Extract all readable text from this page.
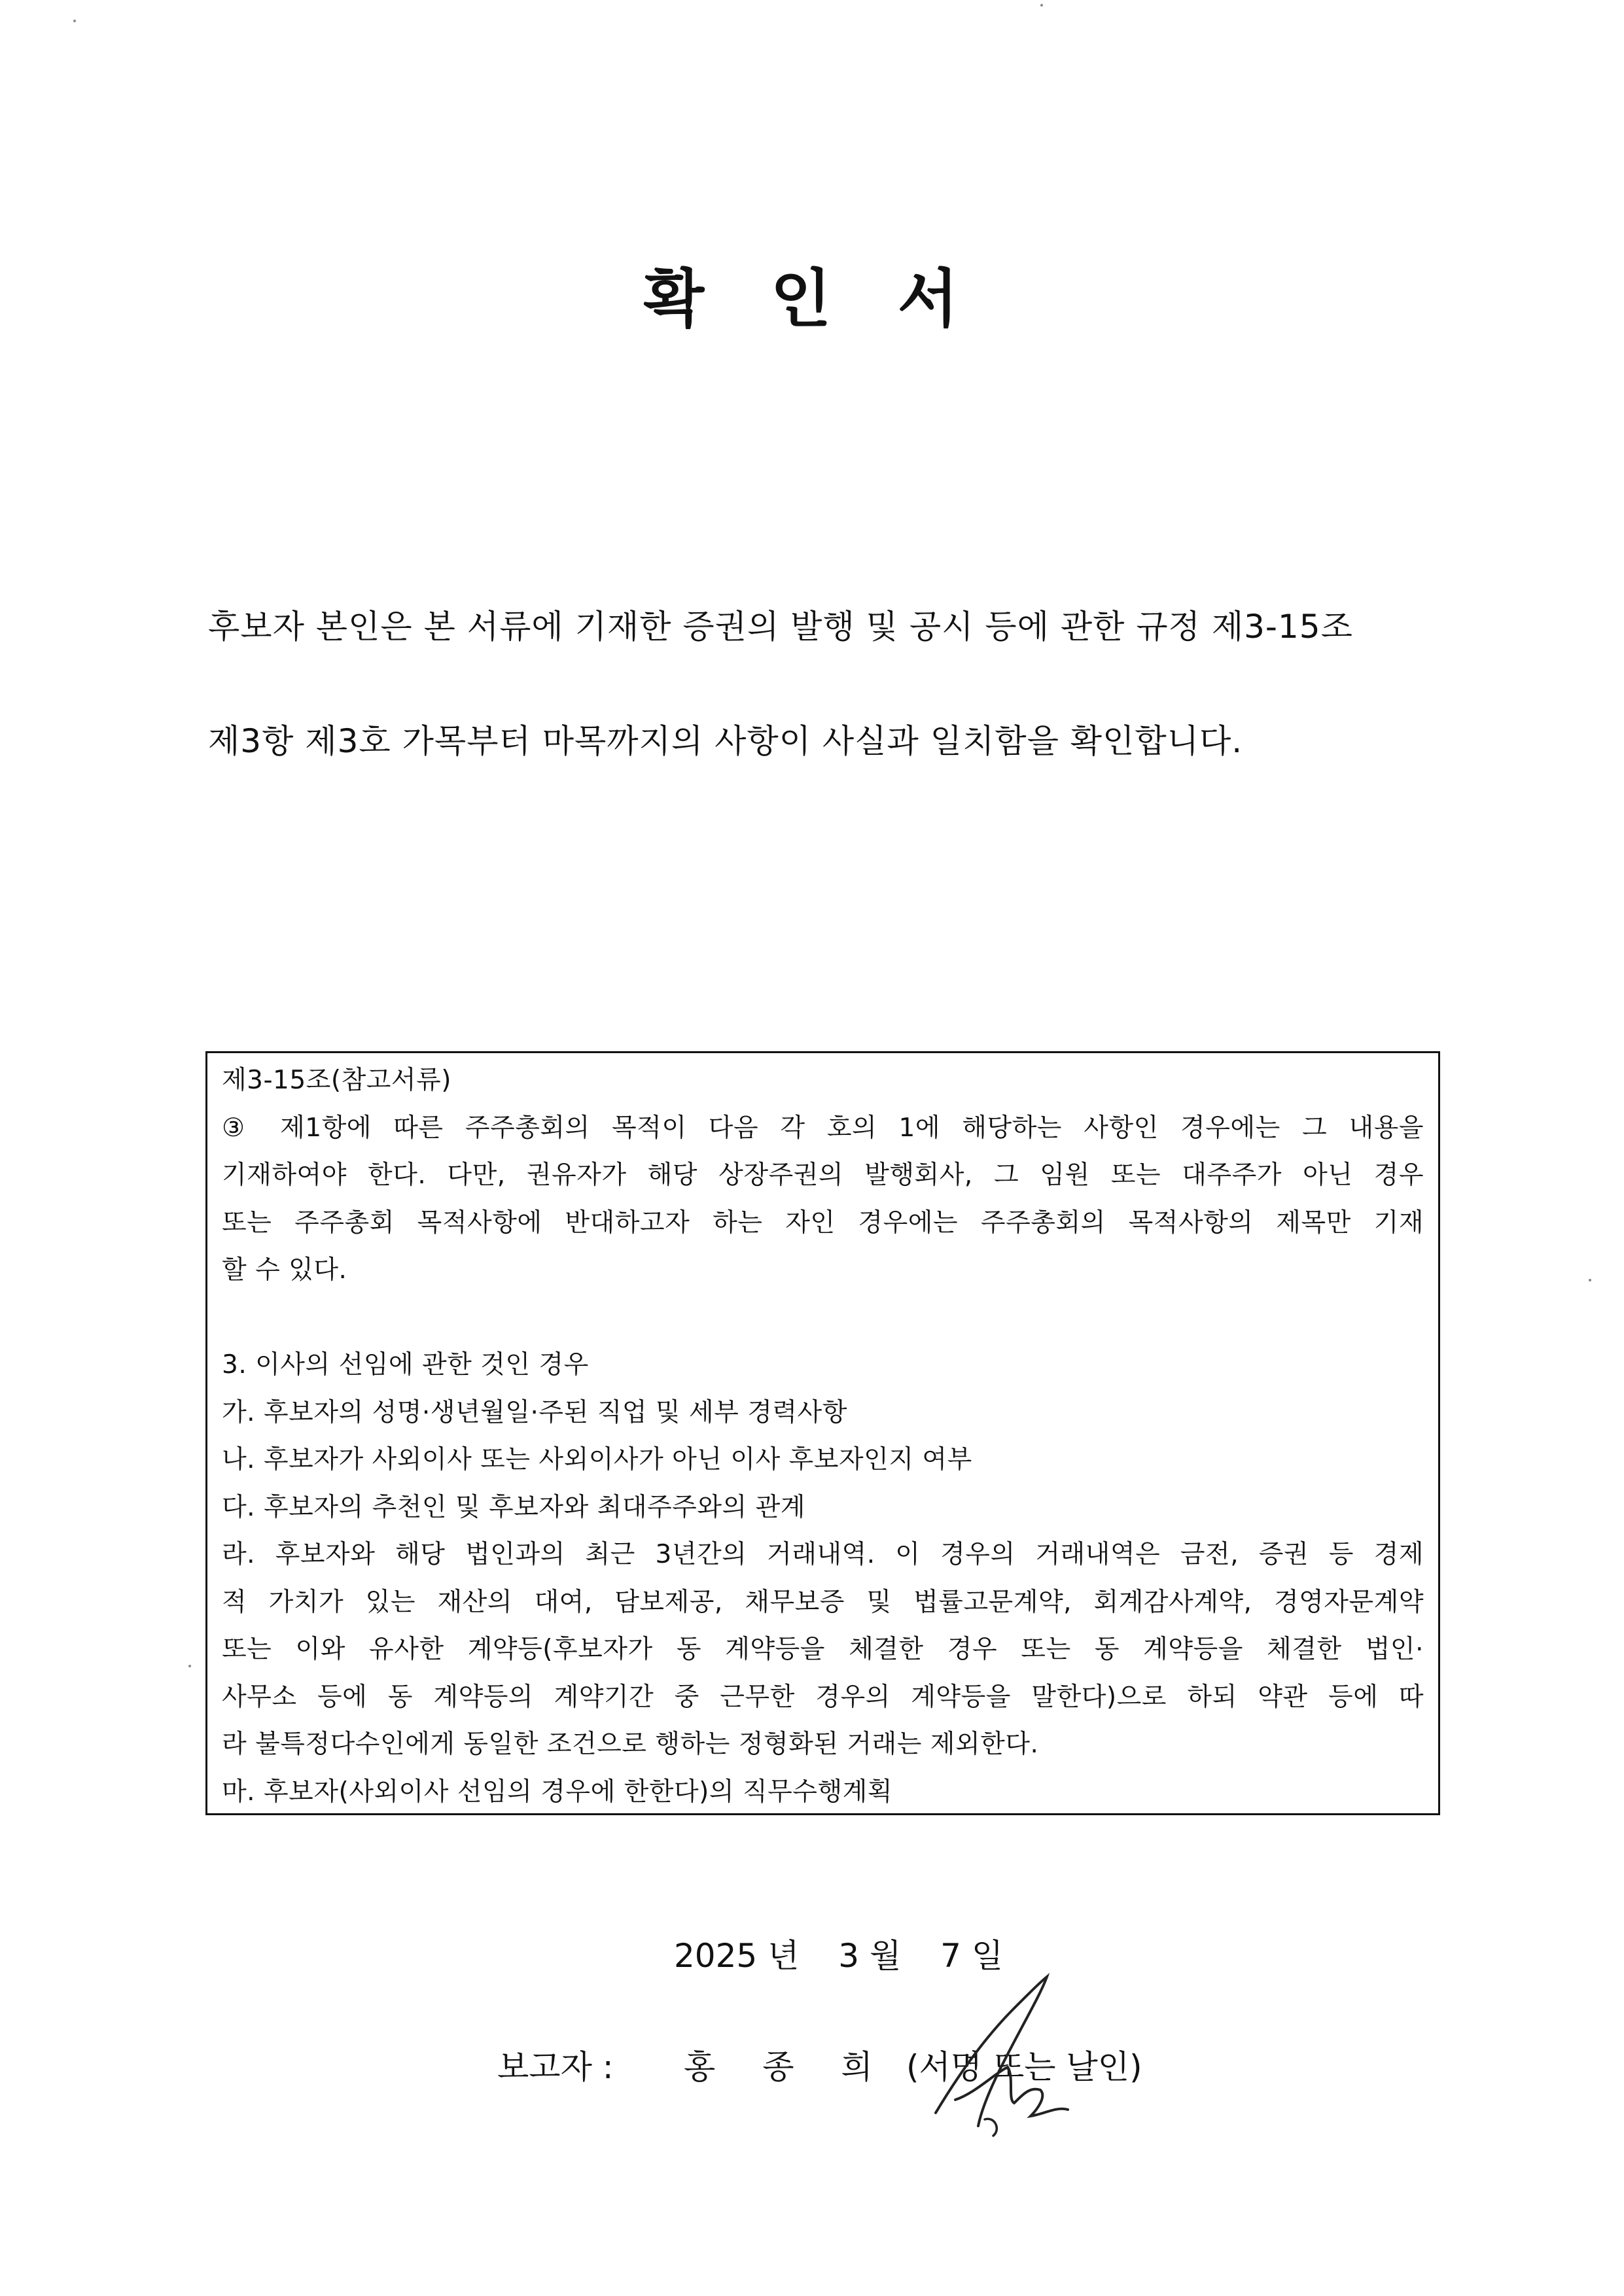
확 인 서
후보자 본인은 본 서류에 기재한 증권의 발행 및 공시 등에 관한 규정 제3-15조
제3항 제3호 가목부터 마목까지의 사항이 사실과 일치함을 확인합니다.
제3-15조(참고서류)
③ 제1항에 따른 주주총회의 목적이 다음 각 호의 1에 해당하는 사항인 경우에는 그 내용을
기재하여야 한다. 다만, 권유자가 해당 상장주권의 발행회사, 그 임원 또는 대주주가 아닌 경우
또는 주주총회 목적사항에 반대하고자 하는 자인 경우에는 주주총회의 목적사항의 제목만 기재
할 수 있다.
3. 이사의 선임에 관한 것인 경우
가. 후보자의 성명·생년월일·주된 직업 및 세부 경력사항
나. 후보자가 사외이사 또는 사외이사가 아닌 이사 후보자인지 여부
다. 후보자의 추천인 및 후보자와 최대주주와의 관계
라. 후보자와 해당 법인과의 최근 3년간의 거래내역. 이 경우의 거래내역은 금전, 증권 등 경제
적 가치가 있는 재산의 대여, 담보제공, 채무보증 및 법률고문계약, 회계감사계약, 경영자문계약
또는 이와 유사한 계약등(후보자가 동 계약등을 체결한 경우 또는 동 계약등을 체결한 법인·
사무소 등에 동 계약등의 계약기간 중 근무한 경우의 계약등을 말한다)으로 하되 약관 등에 따
라 불특정다수인에게 동일한 조건으로 행하는 정형화된 거래는 제외한다.
마. 후보자(사외이사 선임의 경우에 한한다)의 직무수행계획
2025 년 3 월 7 일
보고자 : 홍 종 희 (서명 또는 날인)
